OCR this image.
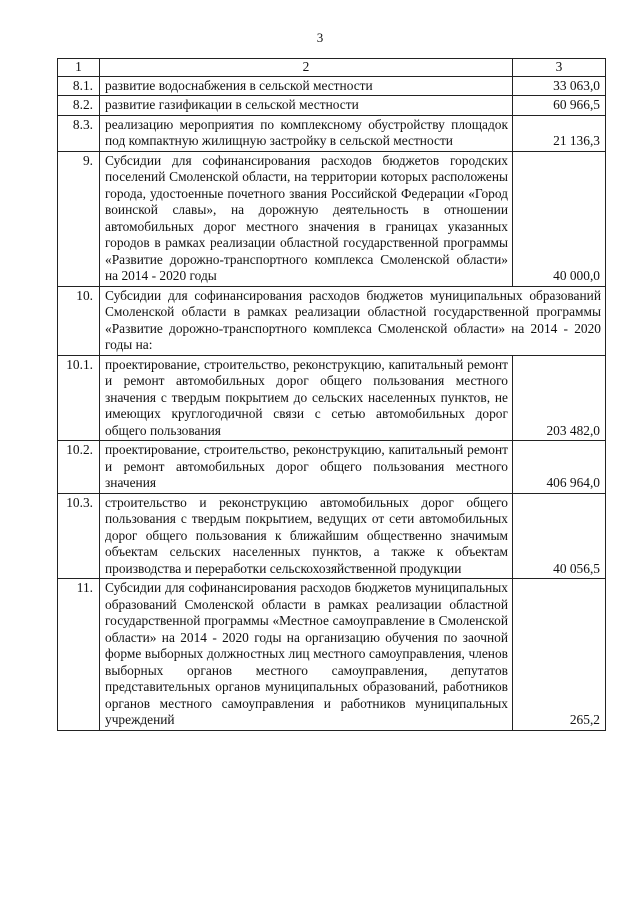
3
1	2	3
8.1.	развитие водоснабжения в сельской местности	33 063,0
8.2.	развитие газификации в сельской местности	60 966,5
8.3.	реализацию мероприятия по комплексному обустройству площадок под компактную жилищную застройку в сельской местности	21 136,3
9.	Субсидии для софинансирования расходов бюджетов городских поселений Смоленской области, на территории которых расположены города, удостоенные почетного звания Российской Федерации «Город воинской славы», на дорожную деятельность в отношении автомобильных дорог местного значения в границах указанных городов в рамках реализации областной государственной программы «Развитие дорожно-транспортного комплекса Смоленской области» на 2014 - 2020 годы	40 000,0
10.	Субсидии для софинансирования расходов бюджетов муниципальных образований Смоленской области в рамках реализации областной государственной программы «Развитие дорожно-транспортного комплекса Смоленской области» на 2014 - 2020 годы на:	
10.1.	проектирование, строительство, реконструкцию, капитальный ремонт и ремонт автомобильных дорог общего пользования местного значения с твердым покрытием до сельских населенных пунктов, не имеющих круглогодичной связи с сетью автомобильных дорог общего пользования	203 482,0
10.2.	проектирование, строительство, реконструкцию, капитальный ремонт и ремонт автомобильных дорог общего пользования местного значения	406 964,0
10.3.	строительство и реконструкцию автомобильных дорог общего пользования с твердым покрытием, ведущих от сети автомобильных дорог общего пользования к ближайшим общественно значимым объектам сельских населенных пунктов, а также к объектам производства и переработки сельскохозяйственной продукции	40 056,5
11.	Субсидии для софинансирования расходов бюджетов муниципальных образований Смоленской области в рамках реализации областной государственной программы «Местное самоуправление в Смоленской области» на 2014 - 2020 годы на организацию обучения по заочной форме выборных должностных лиц местного самоуправления, членов выборных органов местного самоуправления, депутатов представительных органов муниципальных образований, работников органов местного самоуправления и работников муниципальных учреждений	265,2
